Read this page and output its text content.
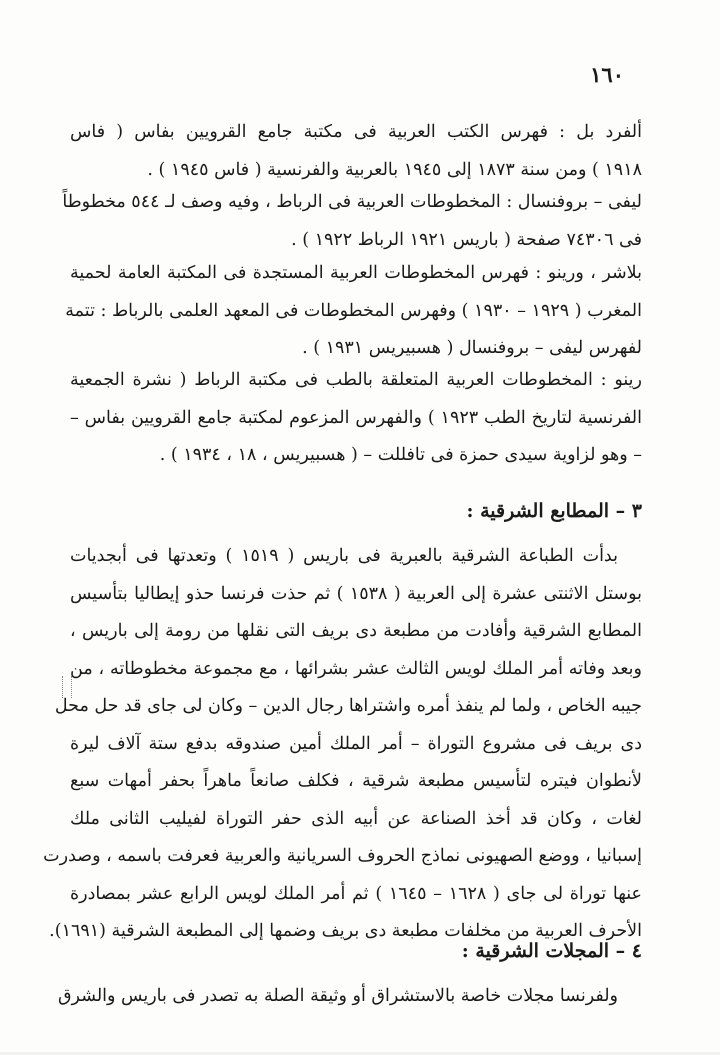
١٦٠
ألفرد بل : فهرس الكتب العربية فى مكتبة جامع القرويين بفاس ( فاس
١٩١٨ ) ومن سنة ١٨٧٣ إلى ١٩٤٥ بالعربية والفرنسية ( فاس ١٩٤٥ ) .
ليفى – بروفنسال : المخطوطات العربية فى الرباط ، وفيه وصف لـ ٥٤٤ مخطوطاً
فى ٧٤٣٠٦ صفحة ( باريس ١٩٢١ الرباط ١٩٢٢ ) .
بلاشر ، ورينو : فهرس المخطوطات العربية المستجدة فى المكتبة العامة لحمية
المغرب ( ١٩٢٩ – ١٩٣٠ ) وفهرس المخطوطات فى المعهد العلمى بالرباط : تتمة
لفهرس ليفى – بروفنسال ( هسبيريس ١٩٣١ ) .
رينو : المخطوطات العربية المتعلقة بالطب فى مكتبة الرباط ( نشرة الجمعية
الفرنسية لتاريخ الطب ١٩٢٣ ) والفهرس المزعوم لمكتبة جامع القرويين بفاس –
– وهو لزاوية سيدى حمزة فى تافللت – ( هسبيريس ، ١٨ ، ١٩٣٤ ) .
٣ – المطابع الشرقية :
بدأت الطباعة الشرقية بالعبرية فى باريس ( ١٥١٩ ) وتعدتها فى أبجديات
بوستل الاثنتى عشرة إلى العربية ( ١٥٣٨ ) ثم حذت فرنسا حذو إيطاليا بتأسيس
المطابع الشرقية وأفادت من مطبعة دى بريف التى نقلها من رومة إلى باريس ،
وبعد وفاته أمر الملك لويس الثالث عشر بشرائها ، مع مجموعة مخطوطاته ، من
جيبه الخاص ، ولما لم ينفذ أمره واشتراها رجال الدين – وكان لى جاى قد حل محل
دى بريف فى مشروع التوراة – أمر الملك أمين صندوقه بدفع ستة آلاف ليرة
لأنطوان فيتره لتأسيس مطبعة شرقية ، فكلف صانعاً ماهراً بحفر أمهات سبع
لغات ، وكان قد أخذ الصناعة عن أبيه الذى حفر التوراة لفيليب الثانى ملك
إسبانيا ، ووضع الصهيونى نماذج الحروف السريانية والعربية فعرفت باسمه ، وصدرت
عنها توراة لى جاى ( ١٦٢٨ – ١٦٤٥ ) ثم أمر الملك لويس الرابع عشر بمصادرة
الأحرف العربية من مخلفات مطبعة دى بريف وضمها إلى المطبعة الشرقية (١٦٩١).
٤ – المجلات الشرقية :
ولفرنسا مجلات خاصة بالاستشراق أو وثيقة الصلة به تصدر فى باريس والشرق
